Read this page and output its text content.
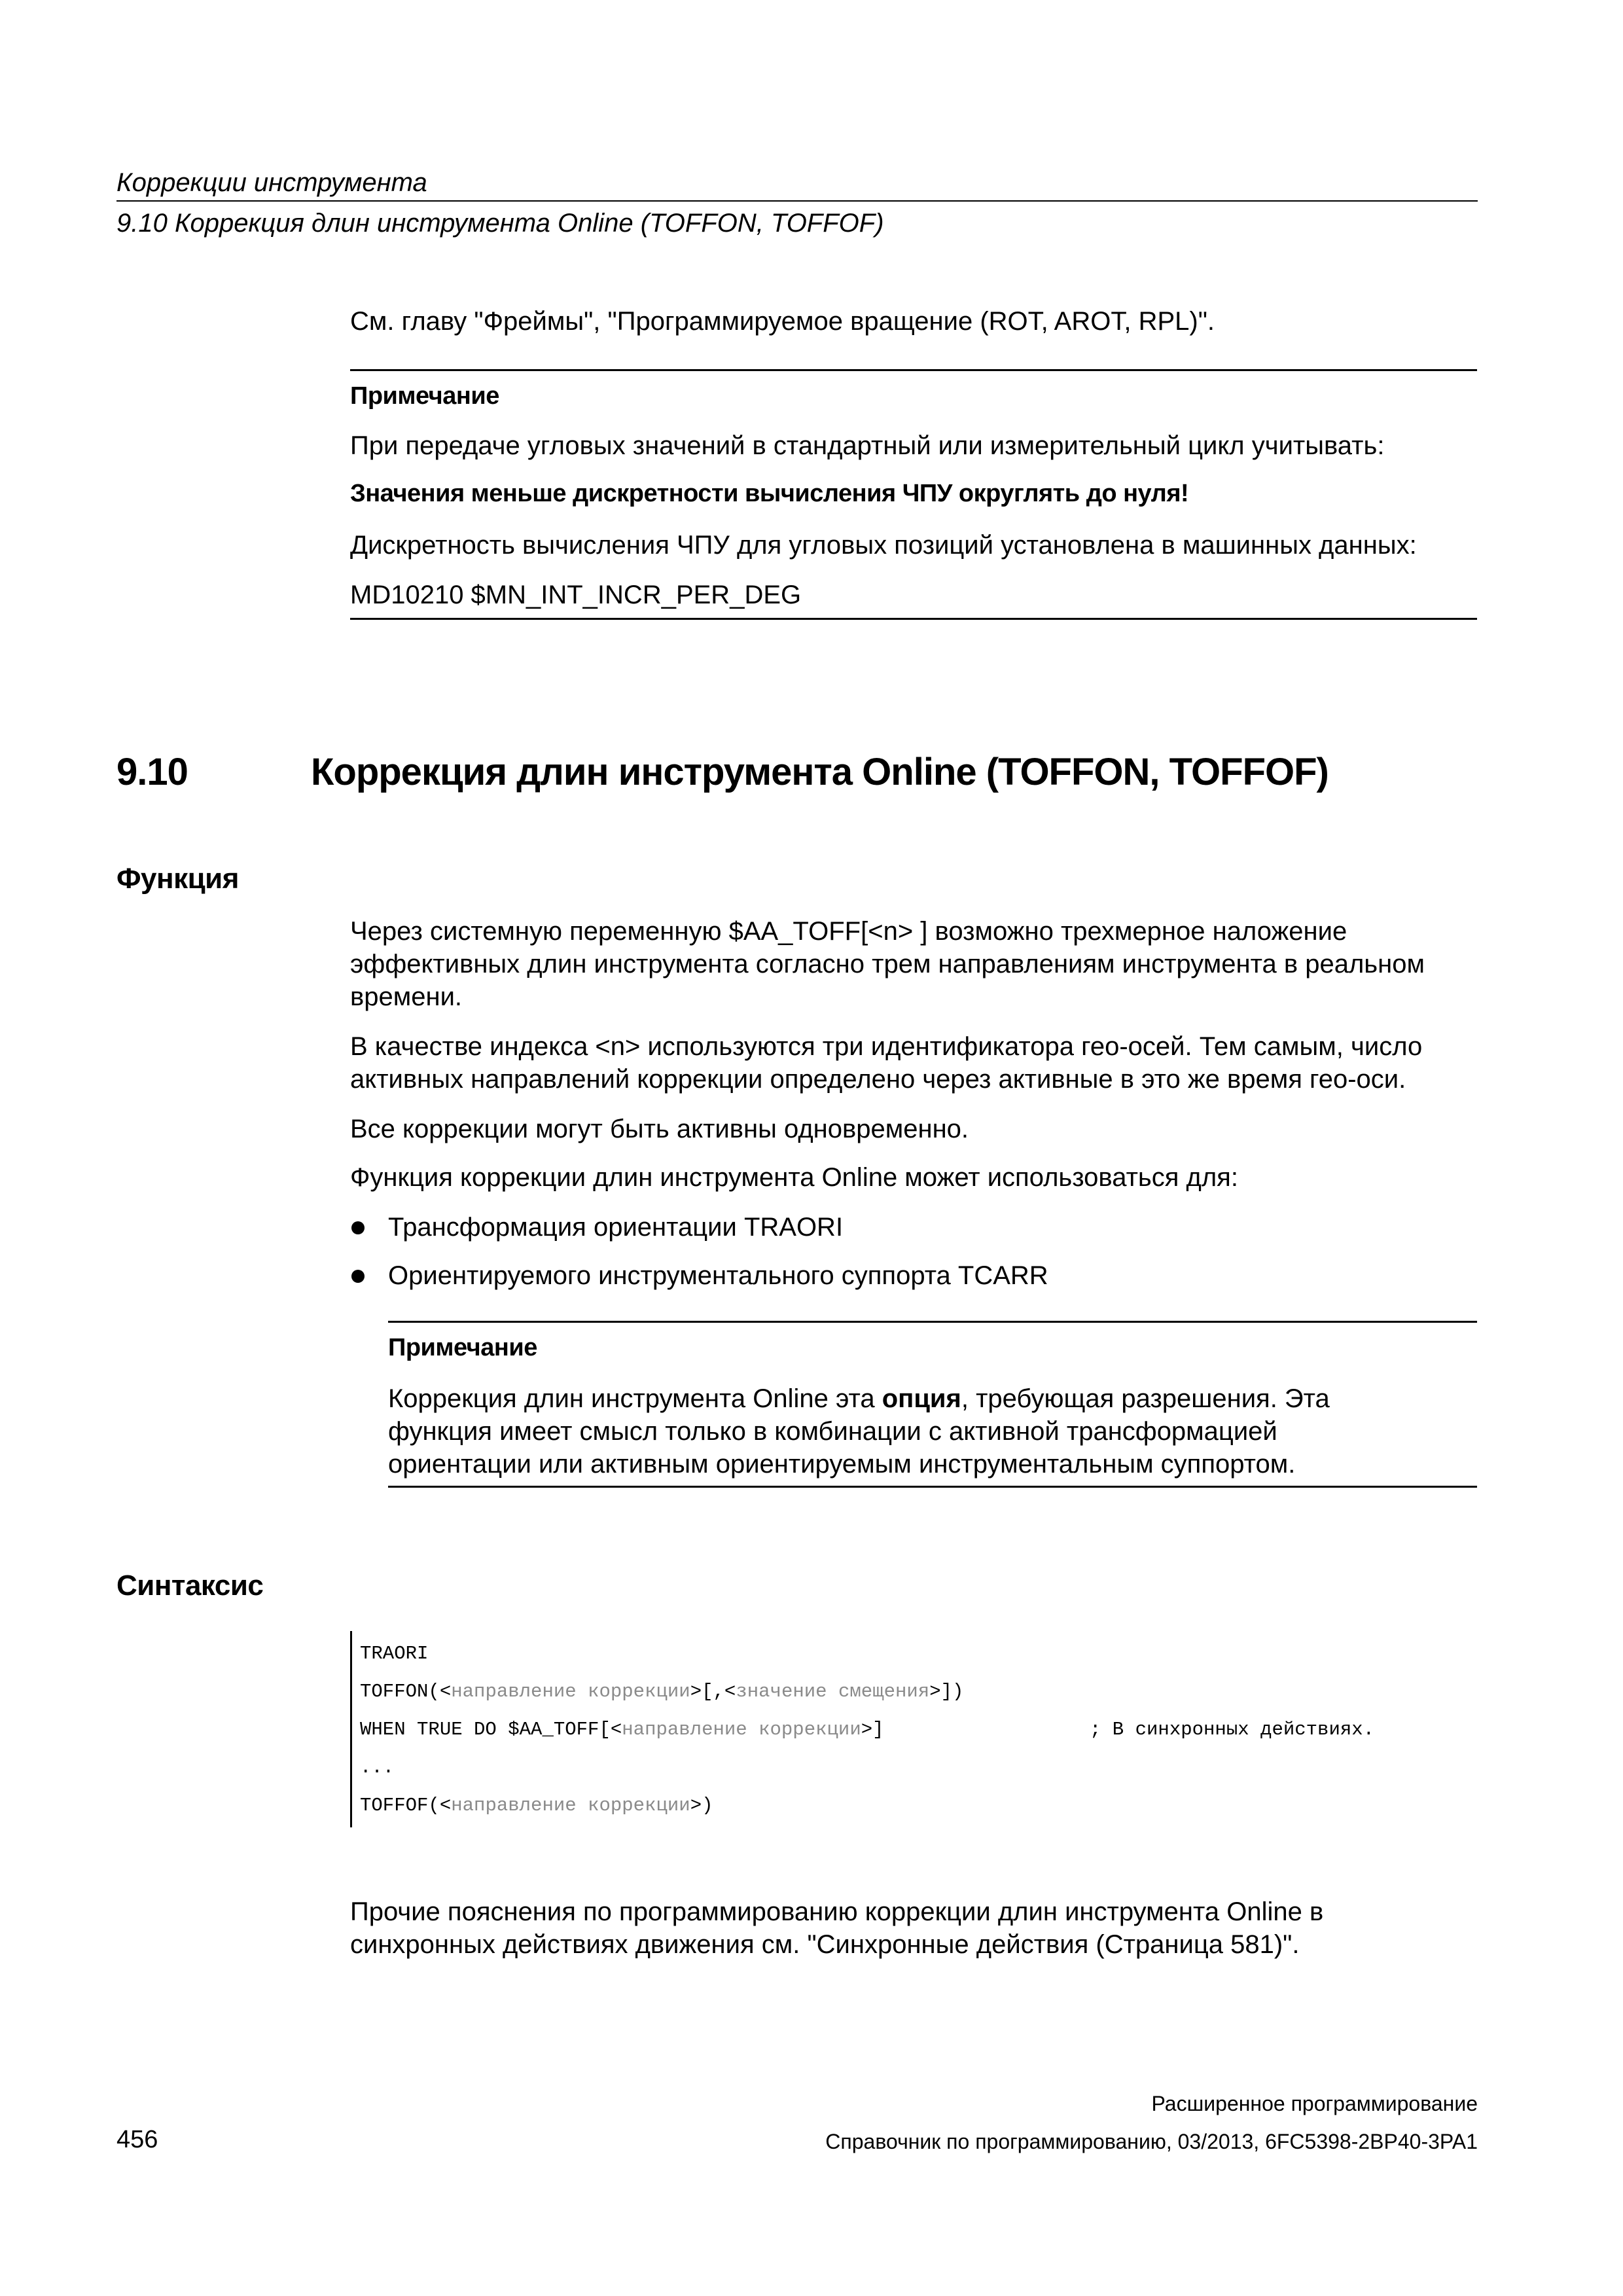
Коррекции инструмента
9.10 Коррекция длин инструмента Online (TOFFON, TOFFOF)
См. главу "Фреймы", "Программируемое вращение (ROT, AROT, RPL)".
Примечание
При передаче угловых значений в стандартный или измерительный цикл учитывать:
Значения меньше дискретности вычисления ЧПУ округлять до нуля!
Дискретность вычисления ЧПУ для угловых позиций установлена в машинных данных:
MD10210 $MN_INT_INCR_PER_DEG
9.10	Коррекция длин инструмента Online (TOFFON, TOFFOF)
Функция
Через системную переменную $AA_TOFF[<n> ] возможно трехмерное наложение
эффективных длин инструмента согласно трем направлениям инструмента в реальном
времени.
В качестве индекса <n> используются три идентификатора гео-осей. Тем самым, число
активных направлений коррекции определено через активные в это же время гео-оси.
Все коррекции могут быть активны одновременно.
Функция коррекции длин инструмента Online может использоваться для:
Трансформация ориентации TRAORI
Ориентируемого инструментального суппорта TCARR
Примечание
Коррекция длин инструмента Online эта опция, требующая разрешения. Эта
функция имеет смысл только в комбинации с активной трансформацией
ориентации или активным ориентируемым инструментальным суппортом.
Синтаксис
TRAORI
TOFFON(<направление коррекции>[,<значение смещения>])
WHEN TRUE DO $AA_TOFF[<направление коррекции>]	; В синхронных действиях.
...
TOFFOF(<направление коррекции>)
Прочие пояснения по программированию коррекции длин инструмента Online в
синхронных действиях движения см. "Синхронные действия (Страница 581)".
Расширенное программирование
456	Справочник по программированию, 03/2013, 6FC5398-2BP40-3PA1
